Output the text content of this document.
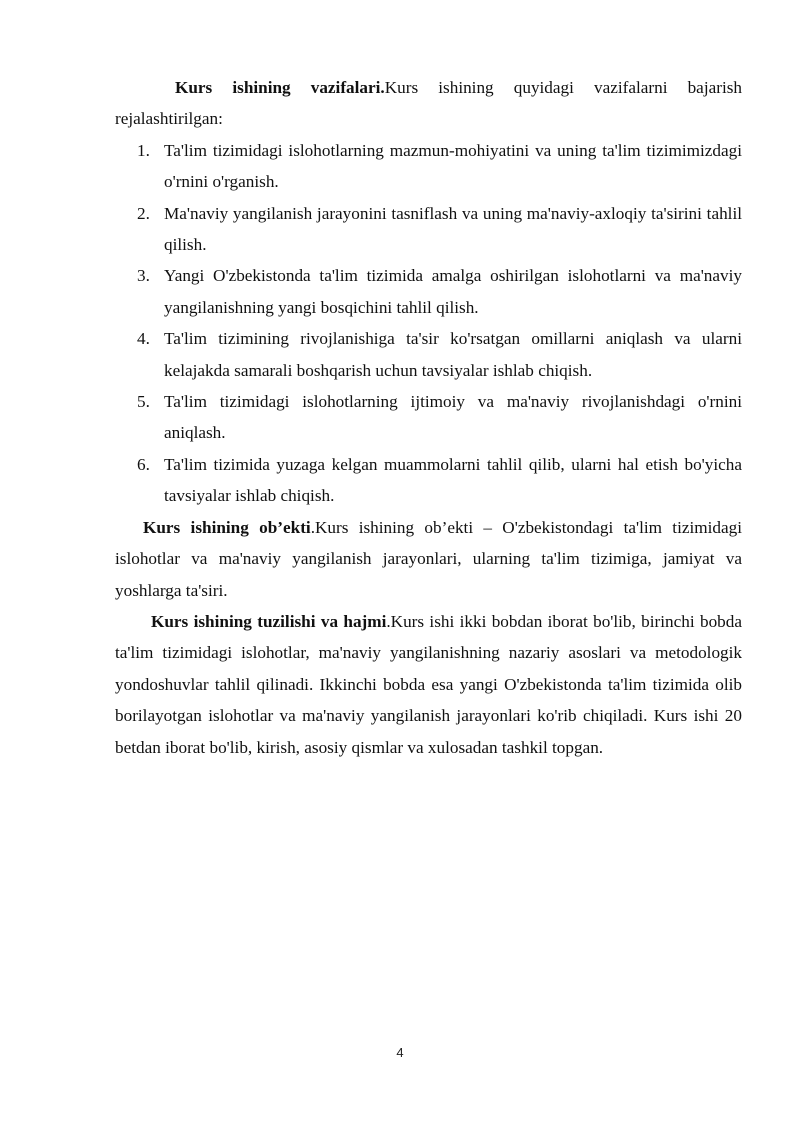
Kurs ishining vazifalari.Kurs ishining quyidagi vazifalarni bajarish rejalashtirilgan:

1. Ta'lim tizimidagi islohotlarning mazmun-mohiyatini va uning ta'lim tizimimizdagi o'rnini o'rganish.
2. Ma'naviy yangilanish jarayonini tasniflash va uning ma'naviy-axloqiy ta'sirini tahlil qilish.
3. Yangi O'zbekistonda ta'lim tizimida amalga oshirilgan islohotlarni va ma'naviy yangilanishning yangi bosqichini tahlil qilish.
4. Ta'lim tizimining rivojlanishiga ta'sir ko'rsatgan omillarni aniqlash va ularni kelajakda samarali boshqarish uchun tavsiyalar ishlab chiqish.
5. Ta'lim tizimidagi islohotlarning ijtimoiy va ma'naviy rivojlanishdagi o'rnini aniqlash.
6. Ta'lim tizimida yuzaga kelgan muammolarni tahlil qilib, ularni hal etish bo'yicha tavsiyalar ishlab chiqish.

Kurs ishining ob’ekti.Kurs ishining ob’ekti – O'zbekistondagi ta'lim tizimidagi islohotlar va ma'naviy yangilanish jarayonlari, ularning ta'lim tizimiga, jamiyat va yoshlarga ta'siri.

Kurs ishining tuzilishi va hajmi.Kurs ishi ikki bobdan iborat bo'lib, birinchi bobda ta'lim tizimidagi islohotlar, ma'naviy yangilanishning nazariy asoslari va metodologik yondoshuvlar tahlil qilinadi. Ikkinchi bobda esa yangi O'zbekistonda ta'lim tizimida olib borilayotgan islohotlar va ma'naviy yangilanish jarayonlari ko'rib chiqiladi. Kurs ishi 20 betdan iborat bo'lib, kirish, asosiy qismlar va xulosadan tashkil topgan.

4
